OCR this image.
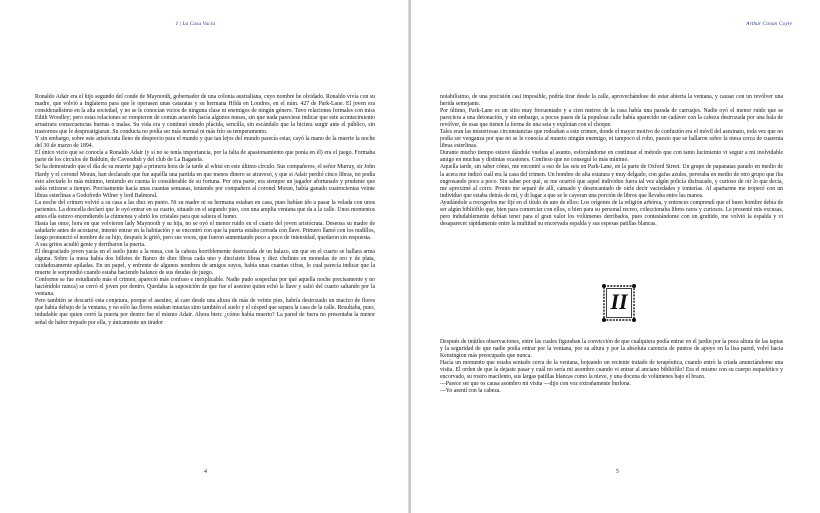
I | La Casa Vacía

Ronaldo Adair era el hijo segundo del conde de Maynooth, gobernador de una colonia australiana, cuyo nombre he olvidado. Ronaldo vivía con su madre, que volvió a Inglaterra para que le operasen unas cataratas y su hermana Hilda en Londres, en el núm. 427 de Park-Lane. El joven era consideradísimo en la alta sociedad, y no se le conocían vicios de ninguna clase ni enemigos de ningún género. Tuvo relaciones formales con miss Edith Woodley; pero estas relaciones se rompieron de común acuerdo hacía algunos meses, sin que nada pareciese indicar que este acontecimiento arrastrara consecuencias buenas o malas. Su vida era y continuó siendo plácida, sencilla, sin escándalo que la hiciera surgir ante el público, sin trastornos que le despreatigiaran. Su conducta no podía ser más normal ni más frío su temperamento.

Y sin embargo, sobre este aristócrata lleno de desprecio para el mundo y que tan lejos del mundo parecía estar, cayó la mano de la muerte la noche del 30 de marzo de 1894.

El único vicio que se conocía a Ronaldo Adair (y si no se tenía importancia, por la falta de apasionamiento que ponía en él) era el juego. Formaba parte de los círculos de Balduin, de Cavendish y del club de La Bagatela.

Se ha demostrado que el día de su muerte jugó a primera hora de la tarde al whist en este último círculo. Sus compañeros, el señor Murray, sir John Hardy y el coronel Moran, han declarado que fue aquélla una partida en que menos dinero se atravesó, y que si Adair perdió cinco libras, no podía esto afectarle lo más mínimo, teniendo en cuenta lo considerable de su fortuna. Por otra parte, era siempre un jugador afortunado y prudente que sabía retirarse a tiempo. Precisamente hacía unas cuantas semanas, teniendo por compañero al coronel Moran, había ganado cuatrocientas veinte libras esterlinas a Godofredo Wilner y lord Balmoral.

La noche del crimen volvió a su casa a las diez en punto. Ni su madre ni su hermana estaban en casa, pues habían ido a pasar la velada con unos parientes. La doncella declaró que le oyó entrar en su cuarto, situado en el segundo piso, con una amplia ventana que da a la calle. Unos momentos antes ella estuvo encendiendo la chimenea y abrió los cristales para que saliera el humo.

Hasta las once, hora en que volvieron lady Maynooth y su hija, no se oyó el menor ruido en el cuarto del joven aristócrata. Deseosa su madre de saludarle antes de acostarse, intentó entrar en la habitación y se encontró con que la puerta estaba cerrada con llave. Primero llamó con los nudillos, luego pronunció el nombre de su hijo, después le gritó, pero sus voces, que fueron aumentando poco a poco de intensidad, quedaron sin respuesta.

A sus gritos acudió gente y derribaron la puerta.

El desgraciado joven yacía en el suelo junto a la mesa, con la cabeza horriblemente destrozada de un balazo, sin que en el cuarto se hallara arma alguna. Sobre la mesa había dos billetes de Banco de diez libras cada uno y diecisiete libras y diez chelines en monedas de oro y de plata, cuidadosamente apiladas. En un papel, y enfrente de algunos nombres de amigos suyos, había unas cuantas cifras, lo cual parecía indicar que la muerte le sorprendió cuando estaba haciendo balance de sus deudas de juego.

Conforme se fue estudiando más el crimen, apareció más confuso e inexplicable. Nadie pudo sospechar por qué aquella noche precisamente y no haciéndolo nunca) se cerró el joven por dentro. Quedaba la suposición de que fue el asesino quien echó la llave y salió del cuarto saltando por la ventana.

Pero también se descartó esta conjetura, porque el asesino, al caer desde una altura de más de veinte pies, habría destrozado un macizo de flores que había debajo de la ventana, y no sólo las flores estaban intactas sino también el suelo y el césped que separa la casa de la calle. Resultaba, pues, indudable que quien cerró la puerta por dentro fue el mismo Adair. Ahora bien: ¿cómo había muerto? La pared de fuera no presentaba la menor señal de haber trepado por ella, y únicamente un tirador

4
Arthur Conan Coyle

notabilísimo, de una precisión casi imposible, podría tirar desde la calle, aprovechándose de estar abierta la ventana, y causar con un revólver una herida semejante.

Por último, Park-Lane es un sitio muy frecuentado y a cien metros de la casa había una parada de carruajes. Nadie oyó el menor ruido que se pareciera a una detonación, y sin embargo, a pocos pasos de la populosa calle había aparecido un cadáver con la cabeza destrozada por una bala de revólver, de esas que tienen la forma de una seta y explotan con el choque.

Tales eran las misteriosas circunstancias que rodeaban a este crimen, donde el mayor motivo de confusión era el móvil del asesinato, toda vez que no podía ser venganza por que no se le conocía al muerto ningún enemigo, ni tampoco el robo, puesto que se hallaron sobre la mesa cerca de cuarenta libras esterlinas.

Durante mucho tiempo estuve dándole vueltas al asunto, esforzándome en continuar el método que con tanto lucimiento vi seguir a mi inolvidable amigo en muchas y distintas ocasiones. Confieso que no conseguí lo más mínimo.

Aquella tarde, sin saber cómo, me encontré a eso de las seis en Park-Lane, en la parte de Oxford Street. Un grupo de papanatas parado en medio de la acera me indicó cuál era la casa del crimen. Un hombre de alta estatura y muy delgado, con gafas azules, peroraba en medio de otro grupo que iba engrosando poco a poco. Sin saber por qué, se me ocurrió que aquel individuo fuera tal vez algún policía disfrazado, y curioso de oír lo que decía, me aproximé al corro. Pronto me separé de allí, cansado y desencantado de oírle decir vaciedades y tonterías. Al apartarme me tropecé con un individuo que estaba detrás de mí, y di lugar a que se le cayeran una porción de libros que llevaba entre las manos.

Ayudándole a recogerlos me fijé en el título de uno de ellos: Los orígenes de la religión arbórea, y entonces comprendí que el buen hombre debía de ser algún bibliófilo que, bien para comerciar con ellos, o bien para su personal recreo, coleccionaba libros raros y curiosos. Le presenté mis excusas, pero indudablemente debían tener para el gran valor los volúmenes derribados, pues contestándome con un gruñido, me volvió la espalda y vi desaparecer rápidamente entre la multitud su encorvada espalda y sus espesas patillas blancas.

II

Después de inútiles observaciones, entre las cuales figuraban la convicción de que cualquiera podía entrar en el jardín por la poca altura de las tapias y la seguridad de que nadie podía entrar por la ventana, por su altura y por la absoluta carencia de puntos de apoyo en la lisa pared, volví hacia Kensington más preocupado que nunca.

Hacía un momento que estaba sentado cerca de la ventana, hojeando un reciente tratado de terapéutica, cuando entró la criada anunciándome una visita. El orden de que la dejaste pasar y cuál no sería mi asombro cuando vi entrar al anciano bibliófilo! Era el mismo con su cuerpo esquelético y encorvado, su rostro macilento, sus largas patillas blancas como la nieve, y una docena de volúmenes bajo el brazo.

—Parece ser que os causa asombro mi visita —dijo con voz extrañamente burlona.

—Yo asentí con la cabeza.

5
